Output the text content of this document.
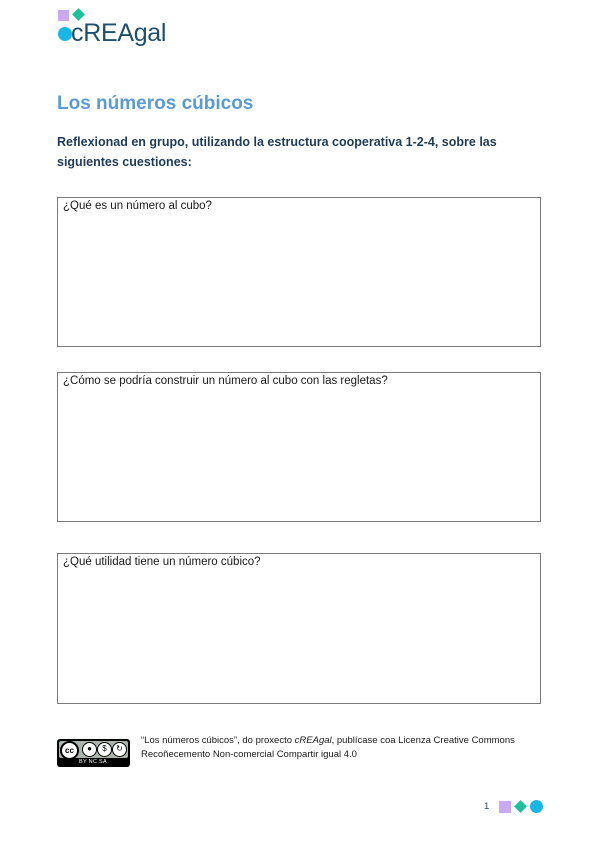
cREAgal
Los números cúbicos

Reflexionad en grupo, utilizando la estructura cooperativa 1-2-4, sobre las siguientes cuestiones:

¿Qué es un número al cubo?
¿Cómo se podría construir un número al cubo con las regletas?
¿Qué utilidad tiene un número cúbico?
cc	●	$	↻
BY NC SA

“Los números cúbicos”, do proxecto cREAgal, publícase coa Licenza Creative Commons Recoñecemento Non-comercial Compartir igual 4.0

1
